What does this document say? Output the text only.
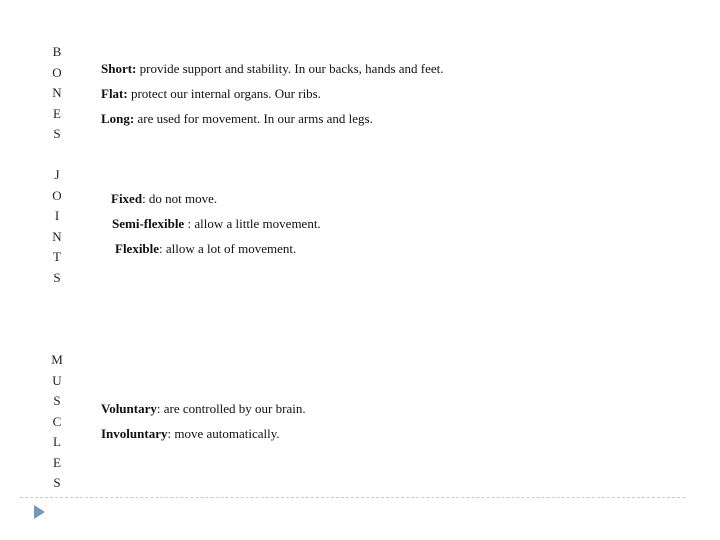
B
O
N
E
S
J
O
I
N
T
S
M
U
S
C
L
E
S
Short: provide support and stability. In our backs, hands and feet.
Flat: protect our internal organs. Our ribs.
Long: are used for movement. In our arms and legs.
Fixed: do not move.
Semi-flexible : allow a little movement.
Flexible: allow a lot of movement.
Voluntary: are controlled by our brain.
Involuntary: move automatically.
